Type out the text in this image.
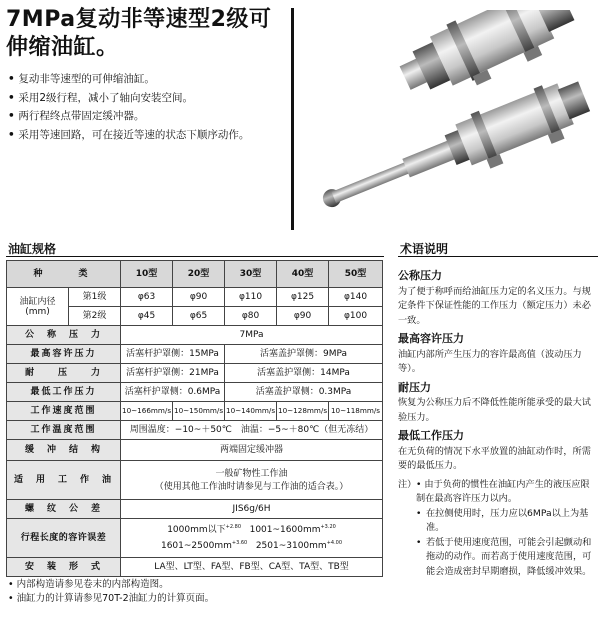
7MPa复动非等速型2级可
伸缩油缸。
• 复动非等速型的可伸缩油缸。
• 采用2级行程，减小了轴向安装空间。
• 两行程终点带固定缓冲器。
• 采用等速回路，可在接近等速的状态下顺序动作。
油缸规格
种　　类		10型	20型	30型	40型	50型
油缸内径
(mm)	第1级	φ63	φ90	φ110	φ125	φ140
	第2级	φ45	φ65	φ80	φ90	φ100
公　称　压　力		7MPa				
最高容许压力		活塞杆护罩侧：15MPa		活塞盖护罩侧：9MPa		
耐　　压　　力		活塞杆护罩侧：21MPa		活塞盖护罩侧：14MPa		
最低工作压力		活塞杆护罩侧：0.6MPa		活塞盖护罩侧：0.3MPa		
工作速度范围		10~166mm/s	10~150mm/s	10~140mm/s	10~128mm/s	10~118mm/s
工作温度范围		周围温度：−10~＋50℃　油温：−5~＋80℃（但无冻结）				
缓　冲　结　构		两端固定缓冲器				
适　用　工　作　油		一般矿物性工作油
（使用其他工作油时请参见与工作油的适合表。）				

螺　纹　公　差		JIS6g/6H				
行程长度的容许误差		1000mm以下$^{+2.80}$ $1001\sim 1600mm^{+3.20}$
$1601\sim 2500mm^{+3.60}$ $2501\sim 3100mm^{+4.00}$

安　装　形　式		LA型、LT型、FA型、FB型、CA型、TA型、TB型				
• 内部构造请参见卷末的内部构造图。
• 油缸力的计算请参见70T-2油缸力的计算页面。
术语说明
公称压力
为了便于称呼而给油缸压力定的名义压力。与规定条件下保证性能的工作压力（额定压力）未必一致。
最高容许压力
油缸内部所产生压力的容许最高值（波动压力等）。
耐压力
恢复为公称压力后不降低性能所能承受的最大试验压力。
最低工作压力
在无负荷的情况下水平放置的油缸动作时，所需要的最低压力。
注） • 由于负荷的惯性在油缸内产生的液压应限制在最高容许压力以内。
• 在拉侧使用时，压力应以6MPa以上为基准。
• 若低于使用速度范围，可能会引起颤动和拖动的动作。而若高于使用速度范围，可能会造成密封早期磨损，降低缓冲效果。
